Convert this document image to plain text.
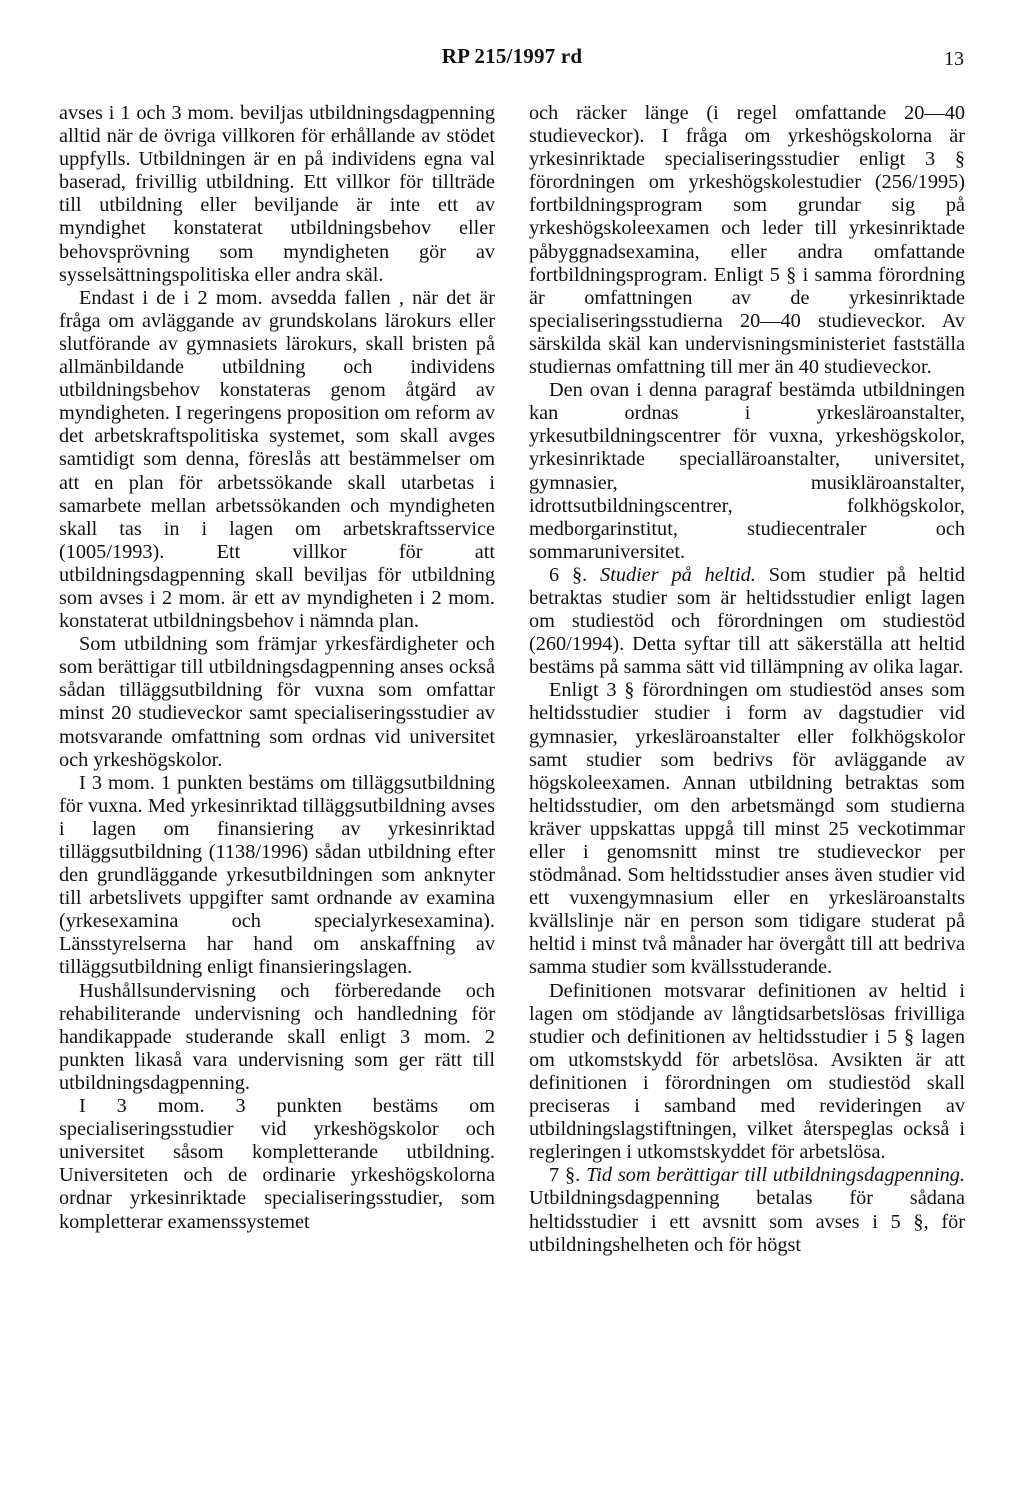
RP 215/1997 rd	13

avses i 1 och 3 mom. beviljas utbildningsdagpenning alltid när de övriga villkoren för erhållande av stödet uppfylls. Utbildningen är en på individens egna val baserad, frivillig utbildning. Ett villkor för tillträde till utbildning eller beviljande är inte ett av myndighet konstaterat utbildningsbehov eller behovsprövning som myndigheten gör av sysselsättningspolitiska eller andra skäl.

Endast i de i 2 mom. avsedda fallen , när det är fråga om avläggande av grundskolans lärokurs eller slutförande av gymnasiets lärokurs, skall bristen på allmänbildande utbildning och individens utbildningsbehov konstateras genom åtgärd av myndigheten. I regeringens proposition om reform av det arbetskraftspolitiska systemet, som skall avges samtidigt som denna, föreslås att bestämmelser om att en plan för arbetssökande skall utarbetas i samarbete mellan arbetssökanden och myndigheten skall tas in i lagen om arbetskraftsservice (1005/1993). Ett villkor för att utbildningsdagpenning skall beviljas för utbildning som avses i 2 mom. är ett av myndigheten i 2 mom. konstaterat utbildningsbehov i nämnda plan.

Som utbildning som främjar yrkesfärdigheter och som berättigar till utbildningsdagpenning anses också sådan tilläggsutbildning för vuxna som omfattar minst 20 studieveckor samt specialiseringsstudier av motsvarande omfattning som ordnas vid universitet och yrkeshögskolor.

I 3 mom. 1 punkten bestäms om tilläggsutbildning för vuxna. Med yrkesinriktad tilläggsutbildning avses i lagen om finansiering av yrkesinriktad tilläggsutbildning (1138/1996) sådan utbildning efter den grundläggande yrkesutbildningen som anknyter till arbetslivets uppgifter samt ordnande av examina (yrkesexamina och specialyrkesexamina). Länsstyrelserna har hand om anskaffning av tilläggsutbildning enligt finansieringslagen.

Hushållsundervisning och förberedande och rehabiliterande undervisning och handledning för handikappade studerande skall enligt 3 mom. 2 punkten likaså vara undervisning som ger rätt till utbildningsdagpenning.

I 3 mom. 3 punkten bestäms om specialiseringsstudier vid yrkeshögskolor och universitet såsom kompletterande utbildning. Universiteten och de ordinarie yrkeshögskolorna ordnar yrkesinriktade specialiseringsstudier, som kompletterar examenssystemet

och räcker länge (i regel omfattande 20—40 studieveckor). I fråga om yrkeshögskolorna är yrkesinriktade specialiseringsstudier enligt 3 § förordningen om yrkeshögskolestudier (256/1995) fortbildningsprogram som grundar sig på yrkeshögskoleexamen och leder till yrkesinriktade påbyggnadsexamina, eller andra omfattande fortbildningsprogram. Enligt 5 § i samma förordning är omfattningen av de yrkesinriktade specialiseringsstudierna 20—40 studieveckor. Av särskilda skäl kan undervisningsministeriet fastställa studiernas omfattning till mer än 40 studieveckor.

Den ovan i denna paragraf bestämda utbildningen kan ordnas i yrkesläroanstalter, yrkesutbildningscentrer för vuxna, yrkeshögskolor, yrkesinriktade specialläroanstalter, universitet, gymnasier, musikläroanstalter, idrottsutbildningscentrer, folkhögskolor, medborgarinstitut, studiecentraler och sommaruniversitet.

6 §. Studier på heltid. Som studier på heltid betraktas studier som är heltidsstudier enligt lagen om studiestöd och förordningen om studiestöd (260/1994). Detta syftar till att säkerställa att heltid bestäms på samma sätt vid tillämpning av olika lagar.

Enligt 3 § förordningen om studiestöd anses som heltidsstudier studier i form av dagstudier vid gymnasier, yrkesläroanstalter eller folkhögskolor samt studier som bedrivs för avläggande av högskoleexamen. Annan utbildning betraktas som heltidsstudier, om den arbetsmängd som studierna kräver uppskattas uppgå till minst 25 veckotimmar eller i genomsnitt minst tre studieveckor per stödmånad. Som heltidsstudier anses även studier vid ett vuxengymnasium eller en yrkesläroanstalts kvällslinje när en person som tidigare studerat på heltid i minst två månader har övergått till att bedriva samma studier som kvällsstuderande.

Definitionen motsvarar definitionen av heltid i lagen om stödjande av långtidsarbetslösas frivilliga studier och definitionen av heltidsstudier i 5 § lagen om utkomstskydd för arbetslösa. Avsikten är att definitionen i förordningen om studiestöd skall preciseras i samband med revideringen av utbildningslagstiftningen, vilket återspeglas också i regleringen i utkomstskyddet för arbetslösa.

7 §. Tid som berättigar till utbildningsdagpenning. Utbildningsdagpenning betalas för sådana heltidsstudier i ett avsnitt som avses i 5 §, för utbildningshelheten och för högst
